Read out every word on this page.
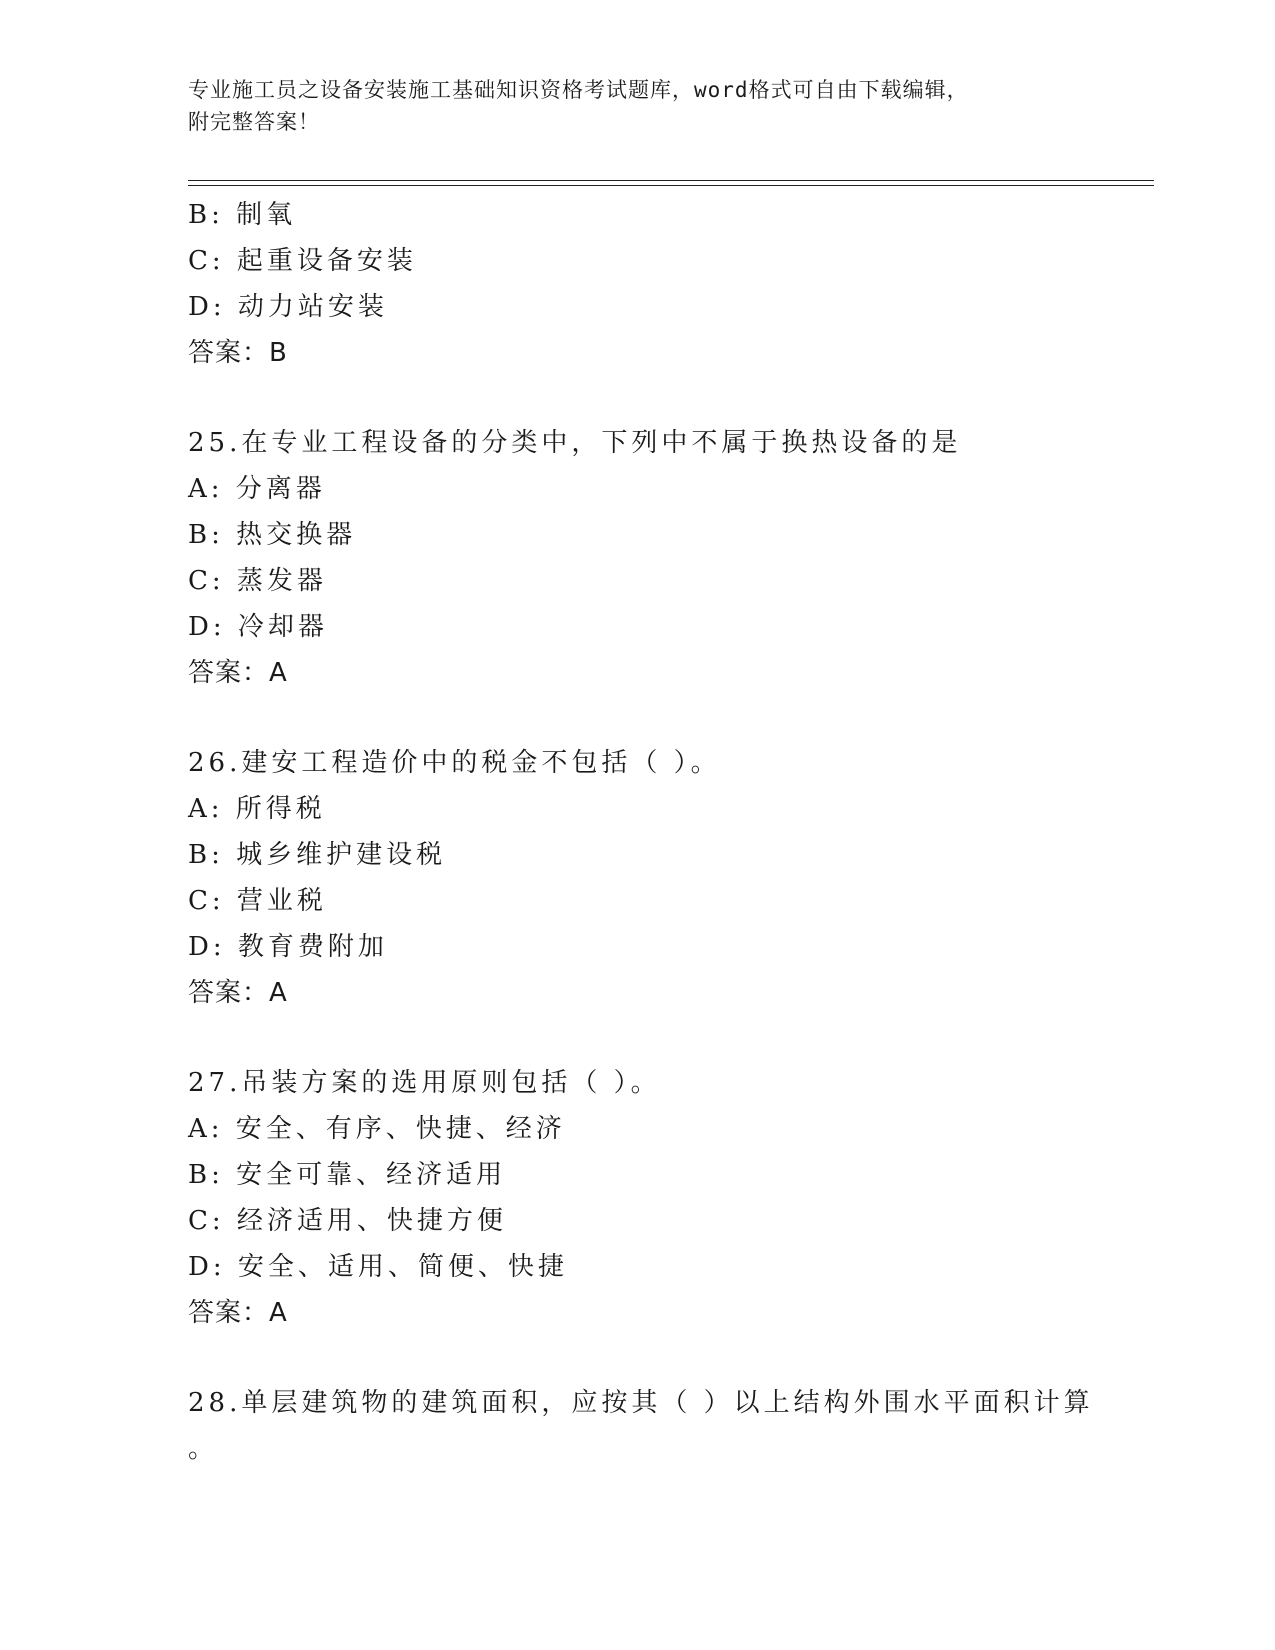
专业施工员之设备安装施工基础知识资格考试题库，word格式可自由下载编辑，
附完整答案！
B: 制氧
C: 起重设备安装
D: 动力站安装
答案：B
25.在专业工程设备的分类中，下列中不属于换热设备的是
A: 分离器
B: 热交换器
C: 蒸发器
D: 冷却器
答案：A
26.建安工程造价中的税金不包括（ ）。
A: 所得税
B: 城乡维护建设税
C: 营业税
D: 教育费附加
答案：A
27.吊装方案的选用原则包括（ ）。
A: 安全、有序、快捷、经济
B: 安全可靠、经济适用
C: 经济适用、快捷方便
D: 安全、适用、简便、快捷
答案：A
28.单层建筑物的建筑面积，应按其（ ）以上结构外围水平面积计算
。
